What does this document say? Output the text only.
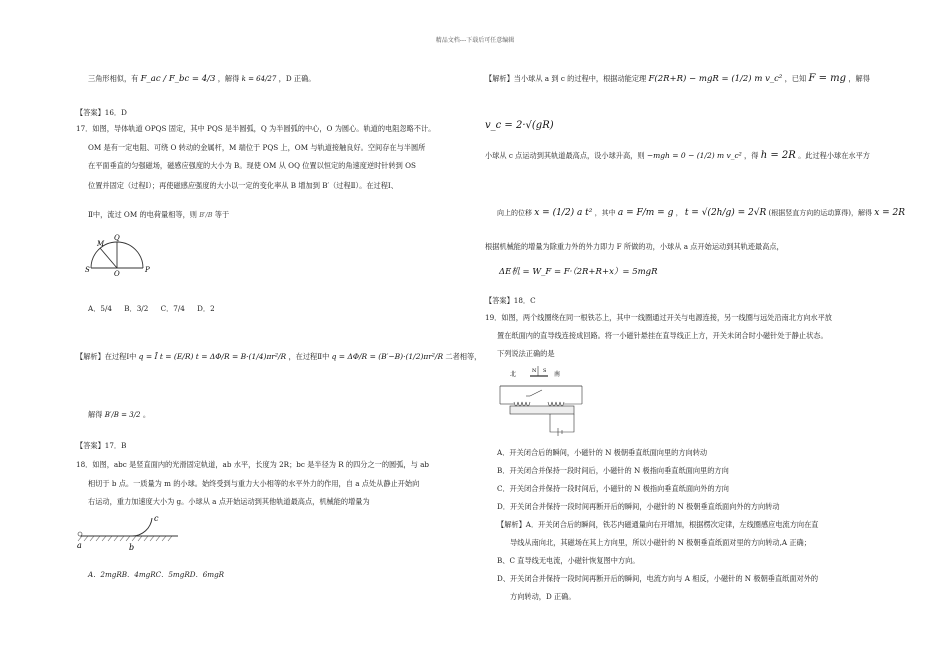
精品文档---下载后可任意编辑
三角形相似，有 F_ac / F_bc = 4/3 ，解得 k = 64/27 ，D 正确。
【答案】16．D
17．如图，导体轨道 OPQS 固定，其中 PQS 是半圆弧，Q 为半圆弧的中心，O 为圆心。轨道的电阻忽略不计。
OM 是有一定电阻、可绕 O 转动的金属杆，M 端位于 PQS 上，OM 与轨道接触良好。空间存在与半圆所
在平面垂直的匀强磁场，磁感应强度的大小为 B。现使 OM 从 OQ 位置以恒定的角速度逆时针转到 OS
位置并固定（过程Ⅰ）；再使磁感应强度的大小以一定的变化率从 B 增加到 B′（过程Ⅱ）。在过程Ⅰ、
Ⅱ中，流过 OM 的电荷量相等，则 B′/B 等于
M
Q
S	O	P
A．5/4 B．3/2 C．7/4 D．2
【解析】在过程Ⅰ中 q = Ī t = (E/R) t = ΔΦ/R = B·(1/4)πr²/R ，在过程Ⅱ中 q = ΔΦ/R = (B′−B)·(1/2)πr²/R 二者相等，
解得 B′/B = 3/2 。
【答案】17．B
18．如图，abc 是竖直面内的光滑固定轨道，ab 水平，长度为 2R；bc 是半径为 R 的四分之一的圆弧，与 ab
相切于 b 点。一质量为 m 的小球。始终受到与重力大小相等的水平外力的作用，自 a 点处从静止开始向
右运动，重力加速度大小为 g。小球从 a 点开始运动到其他轨道最高点，机械能的增量为
a	b
c
A．2mgRB．4mgRC．5mgRD．6mgR
【解析】当小球从 a 到 c 的过程中，根据动能定理 F(2R+R) − mgR = (1/2) m v_c² ，已知 F = mg ，解得
v_c = 2·√(gR)
小球从 c 点运动到其轨道最高点，设小球升高，则 −mgh = 0 − (1/2) m v_c² ，得 h = 2R 。此过程小球在水平方
向上的位移 x = (1/2) a t² ，其中 a = F/m = g ， t = √(2h/g) = 2√R (根据竖直方向的运动算得)，解得 x = 2R
根据机械能的增量为除重力外的外力即力 F 所做的功，小球从 a 点开始运动到其轨迹最高点，
ΔE机 = W_F = F·（2R+R+x）= 5mgR
【答案】18．C
19．如图，两个线圈绕在同一根铁芯上，其中一线圈通过开关与电源连接，另一线圈与远处沿南北方向水平放
置在纸面内的直导线连接成回路。将一小磁针悬挂在直导线正上方，开关未闭合时小磁针处于静止状态。
下列说法正确的是
北	南
N S
A．开关闭合后的瞬间，小磁针的 N 极朝垂直纸面向里的方向转动
B．开关闭合并保持一段时间后，小磁针的 N 极指向垂直纸面向里的方向
C．开关闭合并保持一段时间后，小磁针的 N 极指向垂直纸面向外的方向
D．开关闭合并保持一段时间再断开后的瞬间，小磁针的 N 极朝垂直纸面向外的方向转动
【解析】A．开关闭合后的瞬间，铁芯内磁通量向右开增加，根据楞次定律，左线圈感应电流方向在直
导线从南向北，其磁场在其上方向里，所以小磁针的 N 极朝垂直纸面对里的方向转动,A 正确；
B、C 直导线无电流，小磁针恢复图中方向。
D、开关闭合并保持一段时间再断开后的瞬间，电流方向与 A 相反，小磁针的 N 极朝垂直纸面对外的
方向转动，D 正确。
